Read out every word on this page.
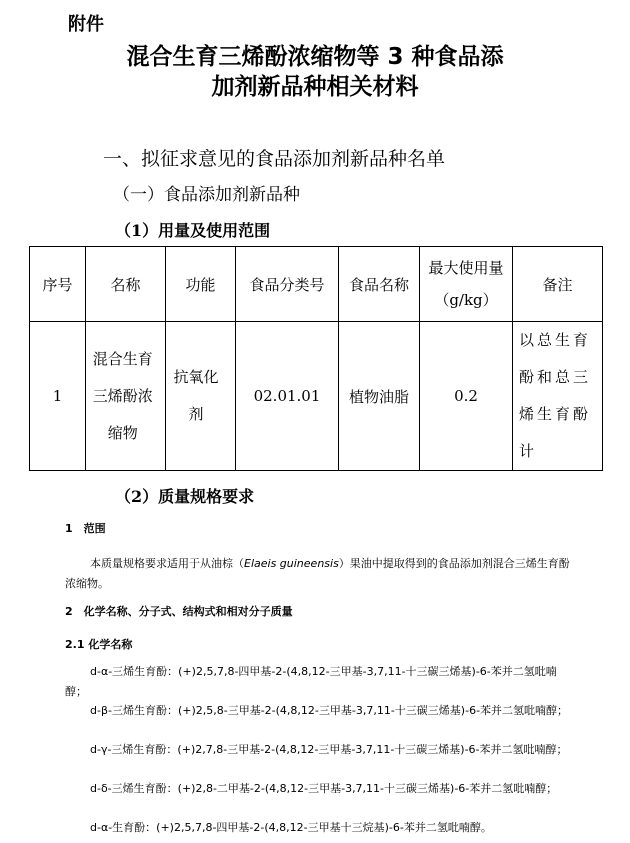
附件
混合生育三烯酚浓缩物等 3 种食品添
加剂新品种相关材料
一、拟征求意见的食品添加剂新品种名单
（一）食品添加剂新品种
（1）用量及使用范围
序号	名称	功能	食品分类号	食品名称	最大使用量（g/kg）	备注
1	混合生育三烯酚浓缩物	抗氧化剂	02.01.01	植物油脂	0.2	以总生育酚和总三烯生育酚计
（2）质量规格要求
1　范围
本质量规格要求适用于从油棕（Elaeis guineensis）果油中提取得到的食品添加剂混合三烯生育酚浓缩物。
2　化学名称、分子式、结构式和相对分子质量
2.1 化学名称
d-α-三烯生育酚：(+)2,5,7,8-四甲基-2-(4,8,12-三甲基-3,7,11-十三碳三烯基)-6-苯并二氢吡喃醇；
d-β-三烯生育酚：(+)2,5,8-三甲基-2-(4,8,12-三甲基-3,7,11-十三碳三烯基)-6-苯并二氢吡喃醇；
d-γ-三烯生育酚：(+)2,7,8-三甲基-2-(4,8,12-三甲基-3,7,11-十三碳三烯基)-6-苯并二氢吡喃醇；
d-δ-三烯生育酚：(+)2,8-二甲基-2-(4,8,12-三甲基-3,7,11-十三碳三烯基)-6-苯并二氢吡喃醇；
d-α-生育酚：(+)2,5,7,8-四甲基-2-(4,8,12-三甲基十三烷基)-6-苯并二氢吡喃醇。
